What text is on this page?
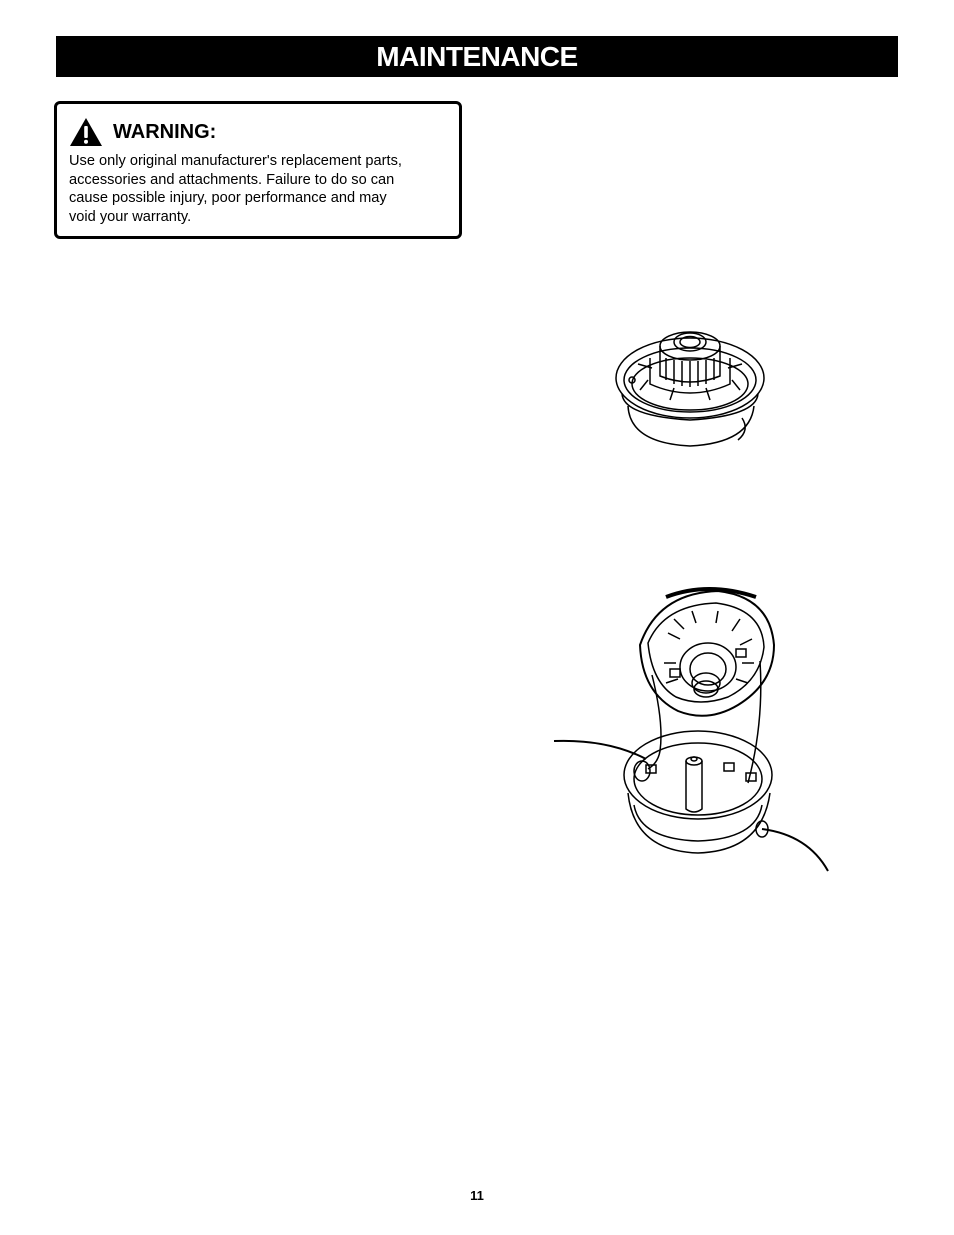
MAINTENANCE
WARNING:
Use only original manufacturer's replacement parts,
accessories and attachments. Failure to do so can
cause possible injury, poor performance and may
void your warranty.
11
